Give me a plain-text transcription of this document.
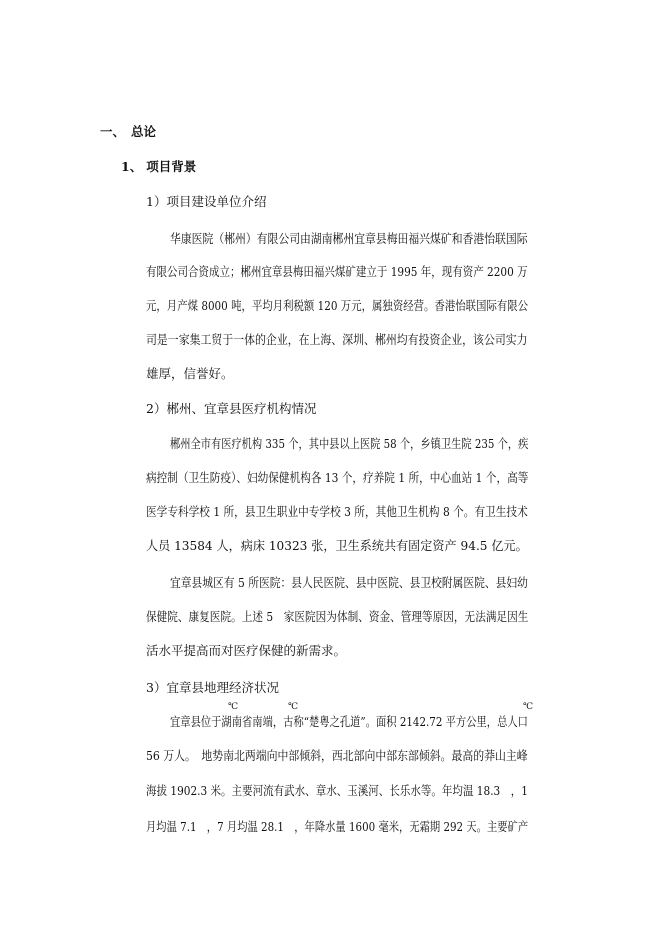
一、 总论
1、 项目背景
1）项目建设单位介绍
华康医院（郴州）有限公司由湖南郴州宜章县梅田福兴煤矿和香港怡联国际
有限公司合资成立；郴州宜章县梅田福兴煤矿建立于 1995 年，现有资产 2200 万
元，月产煤 8000 吨，平均月利税额 120 万元，属独资经营。香港怡联国际有限公
司是一家集工贸于一体的企业，在上海、深圳、郴州均有投资企业，该公司实力
雄厚，信誉好。
2）郴州、宜章县医疗机构情况
郴州全市有医疗机构 335 个，其中县以上医院 58 个，乡镇卫生院 235 个，疾
病控制（卫生防疫）、妇幼保健机构各 13 个，疗养院 1 所，中心血站 1 个，高等
医学专科学校 1 所，县卫生职业中专学校 3 所，其他卫生机构 8 个。有卫生技术
人员 13584 人，病床 10323 张，卫生系统共有固定资产 94.5 亿元。
宜章县城区有 5 所医院：县人民医院、县中医院、县卫校附属医院、县妇幼
保健院、康复医院。上述 5　家医院因为体制、资金、管理等原因，无法满足因生
活水平提高而对医疗保健的新需求。
3）宜章县地理经济状况
℃	℃	℃
宜章县位于湖南省南端，古称“楚粤之孔道”。面积 2142.72 平方公里，总人口
56 万人。　地势南北两端向中部倾斜，西北部向中部东部倾斜。最高的莽山主峰
海拔 1902.3 米。主要河流有武水、章水、玉溪河、长乐水等。年均温 18.3　，1
月均温 7.1　，7 月均温 28.1　，年降水量 1600 毫米，无霜期 292 天。主要矿产
